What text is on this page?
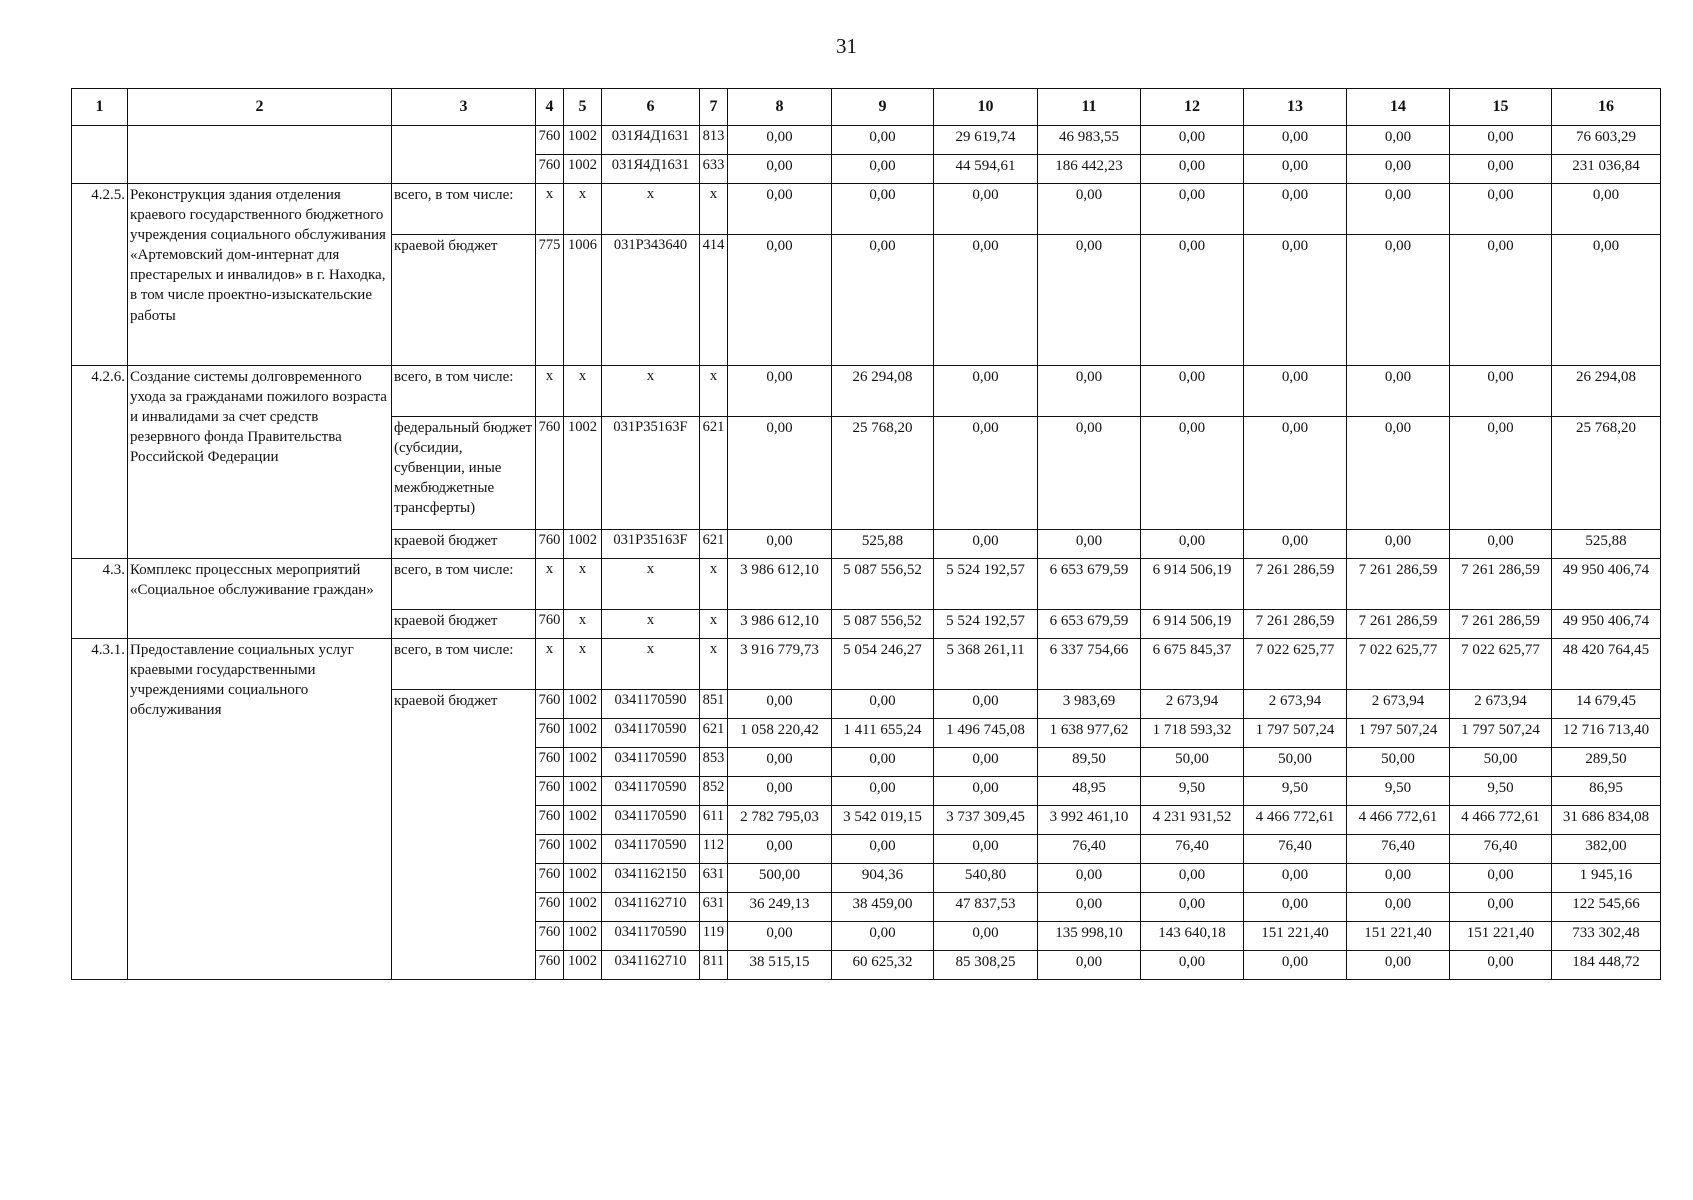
31
1	2	3	4	5	6	7	8	9	10	11	12	13	14	15	16
			760	1002	031Я4Д1631	813	0,00	0,00	29 619,74	46 983,55	0,00	0,00	0,00	0,00	76 603,29
			760	1002	031Я4Д1631	633	0,00	0,00	44 594,61	186 442,23	0,00	0,00	0,00	0,00	231 036,84
4.2.5.	Реконструкция здания отделения краевого государственного бюджетного учреждения социального обслуживания «Артемовский дом-интернат для престарелых и инвалидов» в г. Находка, в том числе проектно-изыскательские работы	всего, в том числе:	x	x	x	x	0,00	0,00	0,00	0,00	0,00	0,00	0,00	0,00	0,00
		краевой бюджет	775	1006	031Р343640	414	0,00	0,00	0,00	0,00	0,00	0,00	0,00	0,00	0,00
4.2.6.	Создание системы долговременного ухода за гражданами пожилого возраста и инвалидами за счет средств резервного фонда Правительства Российской Федерации	всего, в том числе:	x	x	x	x	0,00	26 294,08	0,00	0,00	0,00	0,00	0,00	0,00	26 294,08
		федеральный бюджет (субсидии, субвенции, иные межбюджетные трансферты)	760	1002	031Р35163F	621	0,00	25 768,20	0,00	0,00	0,00	0,00	0,00	0,00	25 768,20
		краевой бюджет	760	1002	031Р35163F	621	0,00	525,88	0,00	0,00	0,00	0,00	0,00	0,00	525,88
4.3.	Комплекс процессных мероприятий «Социальное обслуживание граждан»	всего, в том числе:	x	x	x	x	3 986 612,10	5 087 556,52	5 524 192,57	6 653 679,59	6 914 506,19	7 261 286,59	7 261 286,59	7 261 286,59	49 950 406,74
		краевой бюджет	760	x	x	x	3 986 612,10	5 087 556,52	5 524 192,57	6 653 679,59	6 914 506,19	7 261 286,59	7 261 286,59	7 261 286,59	49 950 406,74
4.3.1.	Предоставление социальных услуг краевыми государственными учреждениями социального обслуживания	всего, в том числе:	x	x	x	x	3 916 779,73	5 054 246,27	5 368 261,11	6 337 754,66	6 675 845,37	7 022 625,77	7 022 625,77	7 022 625,77	48 420 764,45
		краевой бюджет	760	1002	0341170590	851	0,00	0,00	0,00	3 983,69	2 673,94	2 673,94	2 673,94	2 673,94	14 679,45
			760	1002	0341170590	621	1 058 220,42	1 411 655,24	1 496 745,08	1 638 977,62	1 718 593,32	1 797 507,24	1 797 507,24	1 797 507,24	12 716 713,40
			760	1002	0341170590	853	0,00	0,00	0,00	89,50	50,00	50,00	50,00	50,00	289,50
			760	1002	0341170590	852	0,00	0,00	0,00	48,95	9,50	9,50	9,50	9,50	86,95
			760	1002	0341170590	611	2 782 795,03	3 542 019,15	3 737 309,45	3 992 461,10	4 231 931,52	4 466 772,61	4 466 772,61	4 466 772,61	31 686 834,08
			760	1002	0341170590	112	0,00	0,00	0,00	76,40	76,40	76,40	76,40	76,40	382,00
			760	1002	0341162150	631	500,00	904,36	540,80	0,00	0,00	0,00	0,00	0,00	1 945,16
			760	1002	0341162710	631	36 249,13	38 459,00	47 837,53	0,00	0,00	0,00	0,00	0,00	122 545,66
			760	1002	0341170590	119	0,00	0,00	0,00	135 998,10	143 640,18	151 221,40	151 221,40	151 221,40	733 302,48
			760	1002	0341162710	811	38 515,15	60 625,32	85 308,25	0,00	0,00	0,00	0,00	0,00	184 448,72
